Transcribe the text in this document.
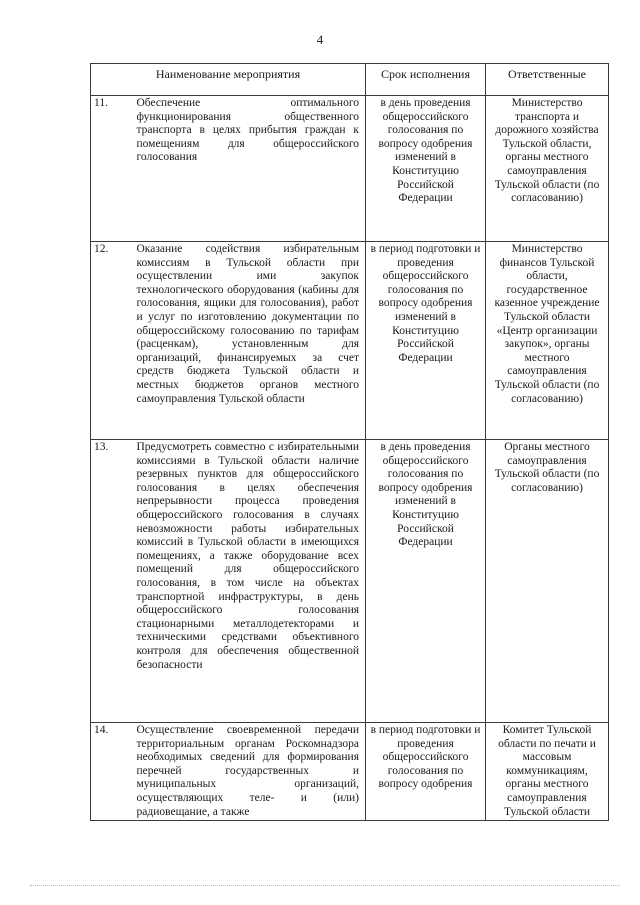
4
Наименование мероприятия		Срок исполнения	Ответственные
11.	Обеспечение оптимального функционирования общественного транспорта в целях прибытия граждан к помещениям для общероссийского голосования	в день проведения общероссийского голосования по вопросу одобрения изменений в Конституцию Российской Федерации	Министерство транспорта и дорожного хозяйства Тульской области, органы местного самоуправления Тульской области (по согласованию)
12.	Оказание содействия избирательным комиссиям в Тульской области при осуществлении ими закупок технологического оборудования (кабины для голосования, ящики для голосования), работ и услуг по изготовлению документации по общероссийскому голосованию по тарифам (расценкам), установленным для организаций, финансируемых за счет средств бюджета Тульской области и местных бюджетов органов местного самоуправления Тульской области	в период подготовки и проведения общероссийского голосования по вопросу одобрения изменений в Конституцию Российской Федерации	Министерство финансов Тульской области, государственное казенное учреждение Тульской области «Центр организации закупок», органы местного самоуправления Тульской области (по согласованию)
13.	Предусмотреть совместно с избирательными комиссиями в Тульской области наличие резервных пунктов для общероссийского голосования в целях обеспечения непрерывности процесса проведения общероссийского голосования в случаях невозможности работы избирательных комиссий в Тульской области в имеющихся помещениях, а также оборудование всех помещений для общероссийского голосования, в том числе на объектах транспортной инфраструктуры, в день общероссийского голосования стационарными металлодетекторами и техническими средствами объективного контроля для обеспечения общественной безопасности	в день проведения общероссийского голосования по вопросу одобрения изменений в Конституцию Российской Федерации	Органы местного самоуправления Тульской области (по согласованию)
14.	Осуществление своевременной передачи территориальным органам Роскомнадзора необходимых сведений для формирования перечней государственных и муниципальных организаций, осуществляющих теле- и (или) радиовещание, а также	в период подготовки и проведения общероссийского голосования по вопросу одобрения	Комитет Тульской области по печати и массовым коммуникациям, органы местного самоуправления Тульской области
